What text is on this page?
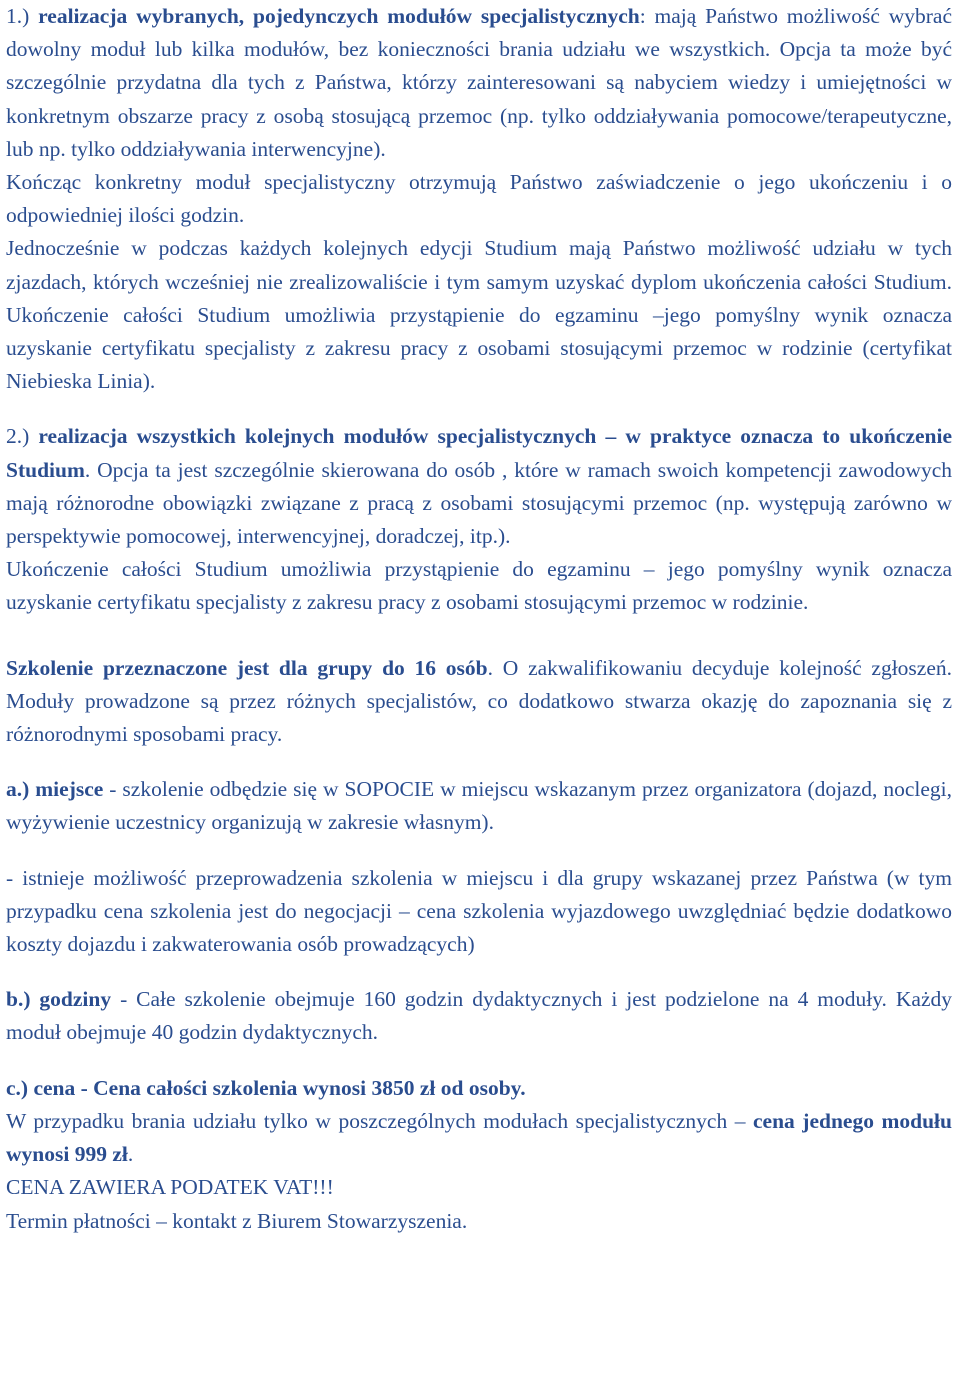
1.) realizacja wybranych, pojedynczych modułów specjalistycznych: mają Państwo możliwość wybrać dowolny moduł lub kilka modułów, bez konieczności brania udziału we wszystkich. Opcja ta może być szczególnie przydatna dla tych z Państwa, którzy zainteresowani są nabyciem wiedzy i umiejętności w konkretnym obszarze pracy z osobą stosującą przemoc (np. tylko oddziaływania pomocowe/terapeutyczne, lub np. tylko oddziaływania interwencyjne).

Kończąc konkretny moduł specjalistyczny otrzymują Państwo zaświadczenie o jego ukończeniu i o odpowiedniej ilości godzin.

Jednocześnie w podczas każdych kolejnych edycji Studium mają Państwo możliwość udziału w tych zjazdach, których wcześniej nie zrealizowaliście i tym samym uzyskać dyplom ukończenia całości Studium. Ukończenie całości Studium umożliwia przystąpienie do egzaminu –jego pomyślny wynik oznacza uzyskanie certyfikatu specjalisty z zakresu pracy z osobami stosującymi przemoc w rodzinie (certyfikat Niebieska Linia).

2.) realizacja wszystkich kolejnych modułów specjalistycznych – w praktyce oznacza to ukończenie Studium. Opcja ta jest szczególnie skierowana do osób , które w ramach swoich kompetencji zawodowych mają różnorodne obowiązki związane z pracą z osobami stosującymi przemoc (np. występują zarówno w perspektywie pomocowej, interwencyjnej, doradczej, itp.).

Ukończenie całości Studium umożliwia przystąpienie do egzaminu – jego pomyślny wynik oznacza uzyskanie certyfikatu specjalisty z zakresu pracy z osobami stosującymi przemoc w rodzinie.

Szkolenie przeznaczone jest dla grupy do 16 osób. O zakwalifikowaniu decyduje kolejność zgłoszeń. Moduły prowadzone są przez różnych specjalistów, co dodatkowo stwarza okazję do zapoznania się z różnorodnymi sposobami pracy.

a.) miejsce - szkolenie odbędzie się w SOPOCIE w miejscu wskazanym przez organizatora (dojazd, noclegi, wyżywienie uczestnicy organizują w zakresie własnym).

- istnieje możliwość przeprowadzenia szkolenia w miejscu i dla grupy wskazanej przez Państwa (w tym przypadku cena szkolenia jest do negocjacji – cena szkolenia wyjazdowego uwzględniać będzie dodatkowo koszty dojazdu i zakwaterowania osób prowadzących)

b.) godziny - Całe szkolenie obejmuje 160 godzin dydaktycznych i jest podzielone na 4 moduły. Każdy moduł obejmuje 40 godzin dydaktycznych.

c.) cena - Cena całości szkolenia wynosi 3850 zł od osoby.

W przypadku brania udziału tylko w poszczególnych modułach specjalistycznych – cena jednego modułu wynosi 999 zł.

CENA ZAWIERA PODATEK VAT!!!

Termin płatności – kontakt z Biurem Stowarzyszenia.
